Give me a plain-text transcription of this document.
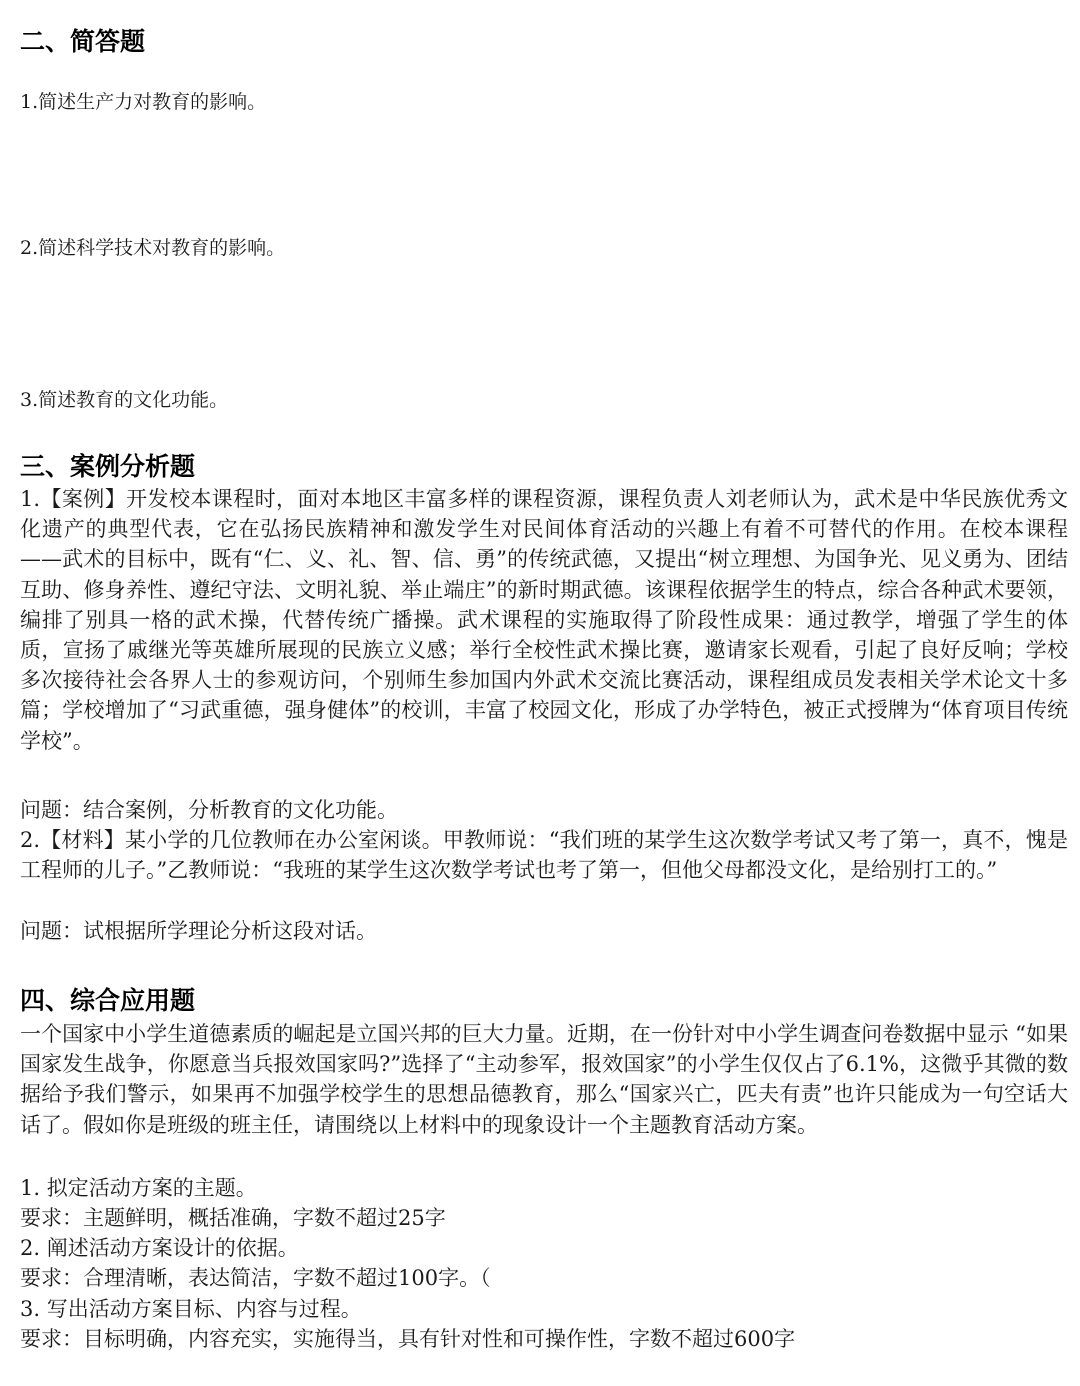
二、简答题
1.简述生产力对教育的影响。
2.简述科学技术对教育的影响。
3.简述教育的文化功能。
三、案例分析题
1.【案例】开发校本课程时，面对本地区丰富多样的课程资源，课程负责人刘老师认为，武术是中华民族优秀文化遗产的典型代表，它在弘扬民族精神和激发学生对民间体育活动的兴趣上有着不可替代的作用。在校本课程——武术的目标中，既有“仁、义、礼、智、信、勇”的传统武德，又提出“树立理想、为国争光、见义勇为、团结互助、修身养性、遵纪守法、文明礼貌、举止端庄”的新时期武德。该课程依据学生的特点，综合各种武术要领，编排了别具一格的武术操，代替传统广播操。武术课程的实施取得了阶段性成果：通过教学，增强了学生的体质，宣扬了戚继光等英雄所展现的民族立义感；举行全校性武术操比赛，邀请家长观看，引起了良好反响；学校多次接待社会各界人士的参观访问，个别师生参加国内外武术交流比赛活动，课程组成员发表相关学术论文十多篇；学校增加了“习武重德，强身健体”的校训，丰富了校园文化，形成了办学特色，被正式授牌为“体育项目传统学校”。
问题：结合案例，分析教育的文化功能。
2.【材料】某小学的几位教师在办公室闲谈。甲教师说：“我们班的某学生这次数学考试又考了第一，真不，愧是工程师的儿子。”乙教师说：“我班的某学生这次数学考试也考了第一，但他父母都没文化，是给别打工的。”
问题：试根据所学理论分析这段对话。
四、综合应用题
一个国家中小学生道德素质的崛起是立国兴邦的巨大力量。近期，在一份针对中小学生调查问卷数据中显示 “如果国家发生战争，你愿意当兵报效国家吗?”选择了“主动参军，报效国家”的小学生仅仅占了6.1%，这微乎其微的数据给予我们警示，如果再不加强学校学生的思想品德教育，那么“国家兴亡，匹夫有责”也许只能成为一句空话大话了。假如你是班级的班主任，请围绕以上材料中的现象设计一个主题教育活动方案。
1. 拟定活动方案的主题。
要求：主题鲜明，概括准确，字数不超过25字
2. 阐述活动方案设计的依据。
要求：合理清晰，表达简洁，字数不超过100字。（
3. 写出活动方案目标、内容与过程。
要求：目标明确，内容充实，实施得当，具有针对性和可操作性，字数不超过600字
